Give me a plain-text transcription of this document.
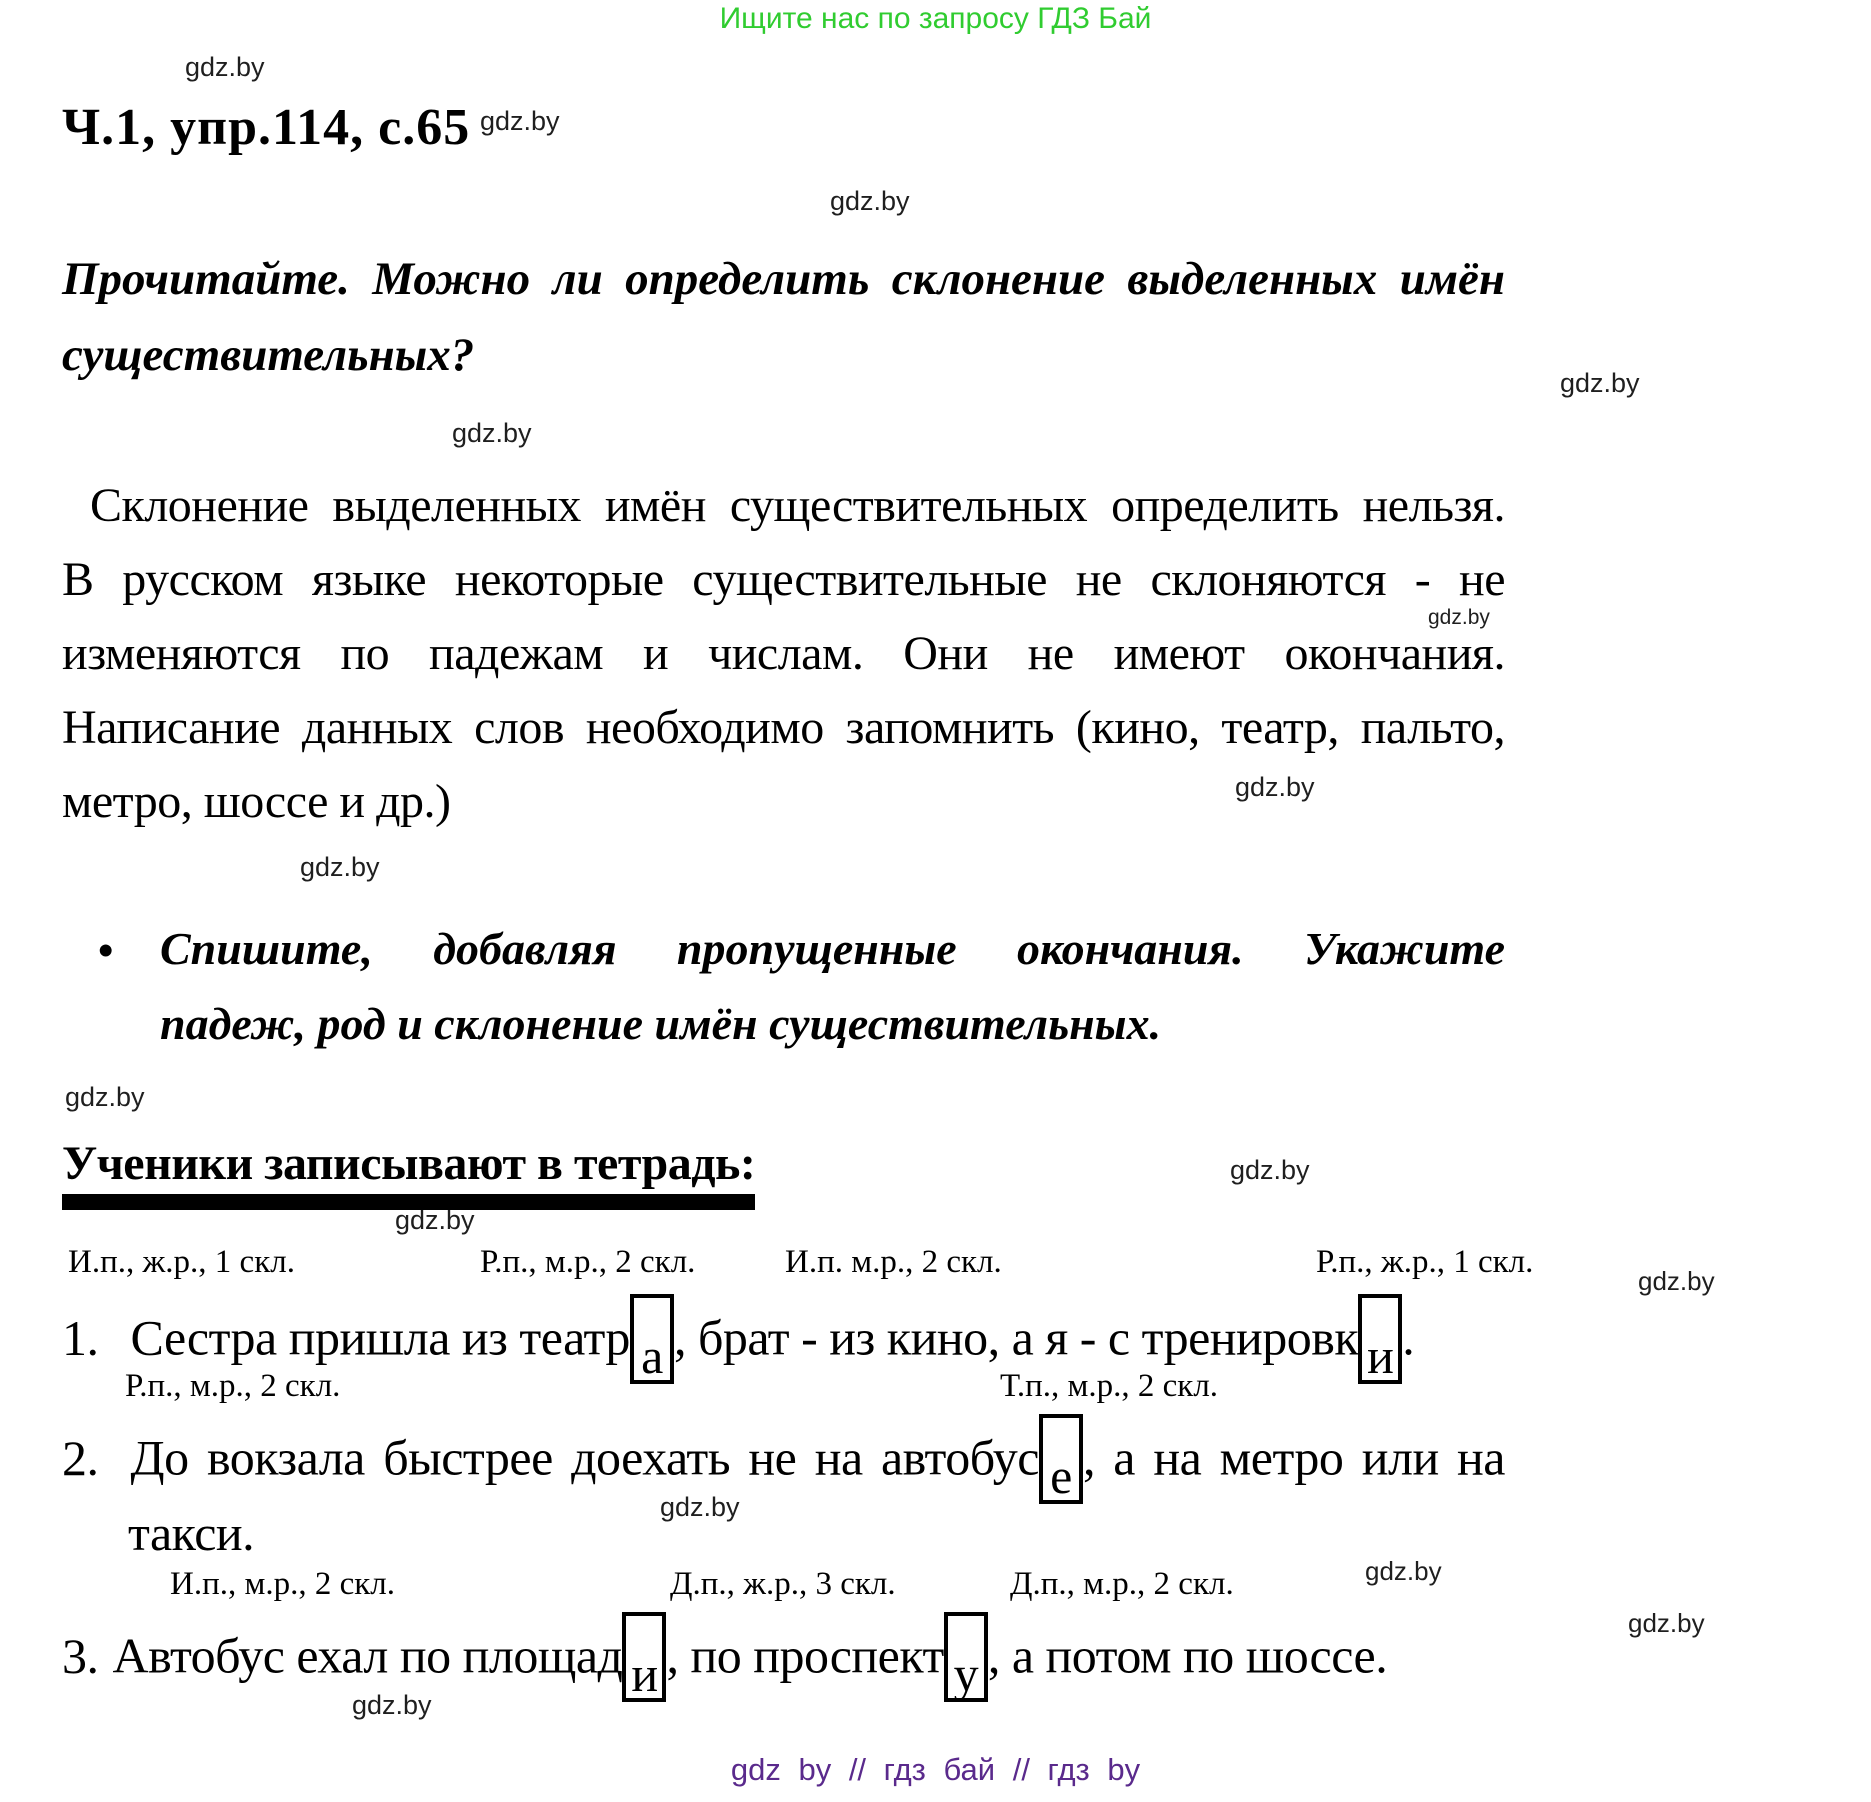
Ищите нас по запросу ГДЗ Бай
gdz.by
gdz.by
gdz.by
gdz.by
gdz.by
gdz.by
gdz.by
gdz.by
gdz.by
gdz.by
gdz.by
gdz.by
gdz.by
gdz.by
gdz.by
gdz.by
Ч.1, упр.114, с.65
Прочитайте. Можно ли определить склонение выделенных имён
существительных?
Склонение выделенных имён существительных определить нельзя.
В русском языке некоторые существительные не склоняются - не
изменяются по падежам и числам. Они не имеют окончания.
Написание данных слов необходимо запомнить (кино, театр, пальто,
метро, шоссе и др.)
• Спишите, добавляя пропущенные окончания. Укажите
падеж, род и склонение имён существительных.
Ученики записывают в тетрадь:
И.п., ж.р., 1 скл.	Р.п., м.р., 2 скл.	И.п. м.р., 2 скл.	Р.п., ж.р., 1 скл.
1. Сестра пришла из театр а , брат - из кино, а я - с тренировк и .
Р.п., м.р., 2 скл.	Т.п., м.р., 2 скл.
2. До вокзала быстрее доехать не на автобус е , а на метро или на
такси.
И.п., м.р., 2 скл.	Д.п., ж.р., 3 скл.	Д.п., м.р., 2 скл.
3. Автобус ехал по площад и , по проспект у , а потом по шоссе.
gdz by // гдз бай // гдз by
